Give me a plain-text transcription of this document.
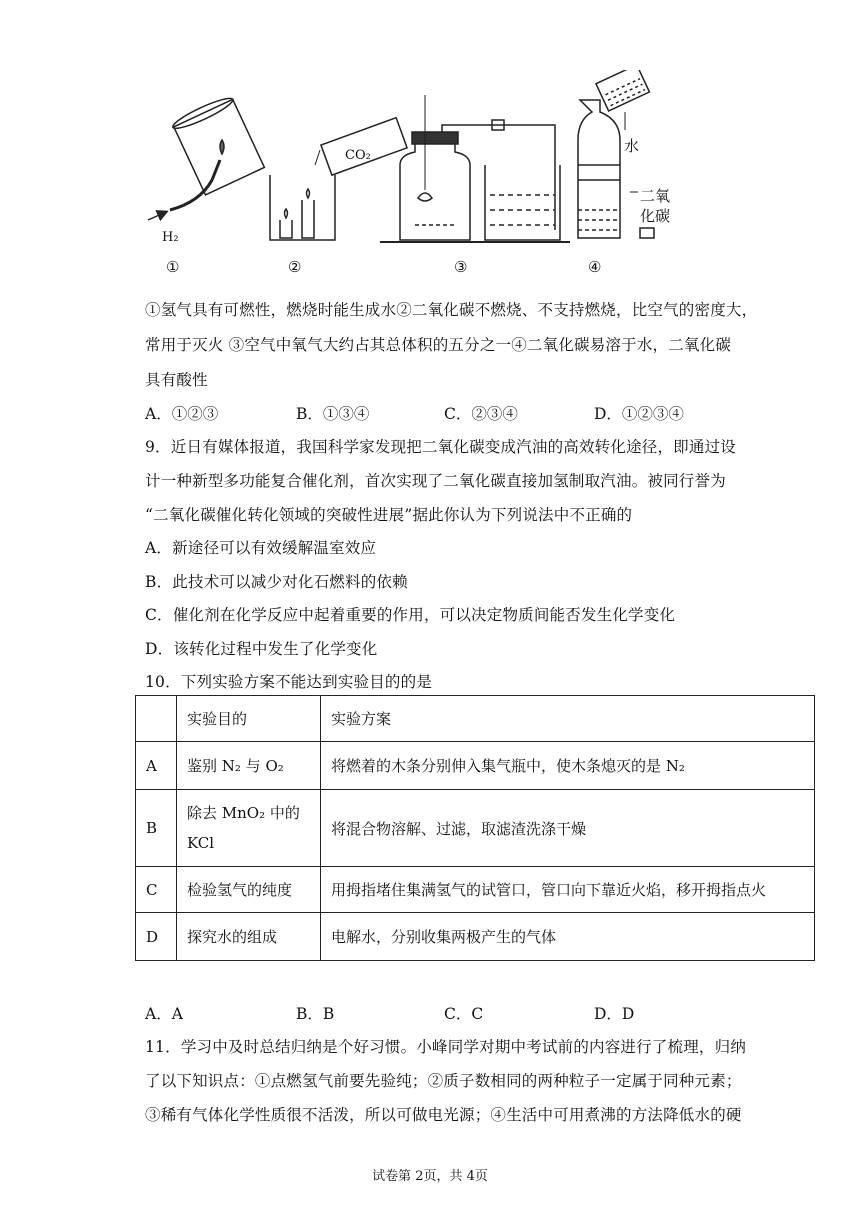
H₂
CO₂
水
二氧
化碳
①	②	③	④
①氢气具有可燃性，燃烧时能生成水②二氧化碳不燃烧、不支持燃烧，比空气的密度大，
常用于灭火 ③空气中氧气大约占其总体积的五分之一④二氧化碳易溶于水，二氧化碳
具有酸性
A．①②③	B．①③④	C．②③④	D．①②③④
9．近日有媒体报道，我国科学家发现把二氧化碳变成汽油的高效转化途径，即通过设
计一种新型多功能复合催化剂，首次实现了二氧化碳直接加氢制取汽油。被同行誉为
“二氧化碳催化转化领域的突破性进展”据此你认为下列说法中不正确的
A．新途径可以有效缓解温室效应
B．此技术可以减少对化石燃料的依赖
C．催化剂在化学反应中起着重要的作用，可以决定物质间能否发生化学变化
D．该转化过程中发生了化学变化
10．下列实验方案不能达到实验目的的是
	实验目的	实验方案
A	鉴别 N₂ 与 O₂	将燃着的木条分别伸入集气瓶中，使木条熄灭的是 N₂
B	除去 MnO₂ 中的
KCl	将混合物溶解、过滤，取滤渣洗涤干燥
C	检验氢气的纯度	用拇指堵住集满氢气的试管口，管口向下靠近火焰，移开拇指点火
D	探究水的组成	电解水，分别收集两极产生的气体
A．A	B．B	C．C	D．D
11．学习中及时总结归纳是个好习惯。小峰同学对期中考试前的内容进行了梳理，归纳
了以下知识点：①点燃氢气前要先验纯；②质子数相同的两种粒子一定属于同种元素；
③稀有气体化学性质很不活泼，所以可做电光源；④生活中可用煮沸的方法降低水的硬
试卷第 2页，共 4页
